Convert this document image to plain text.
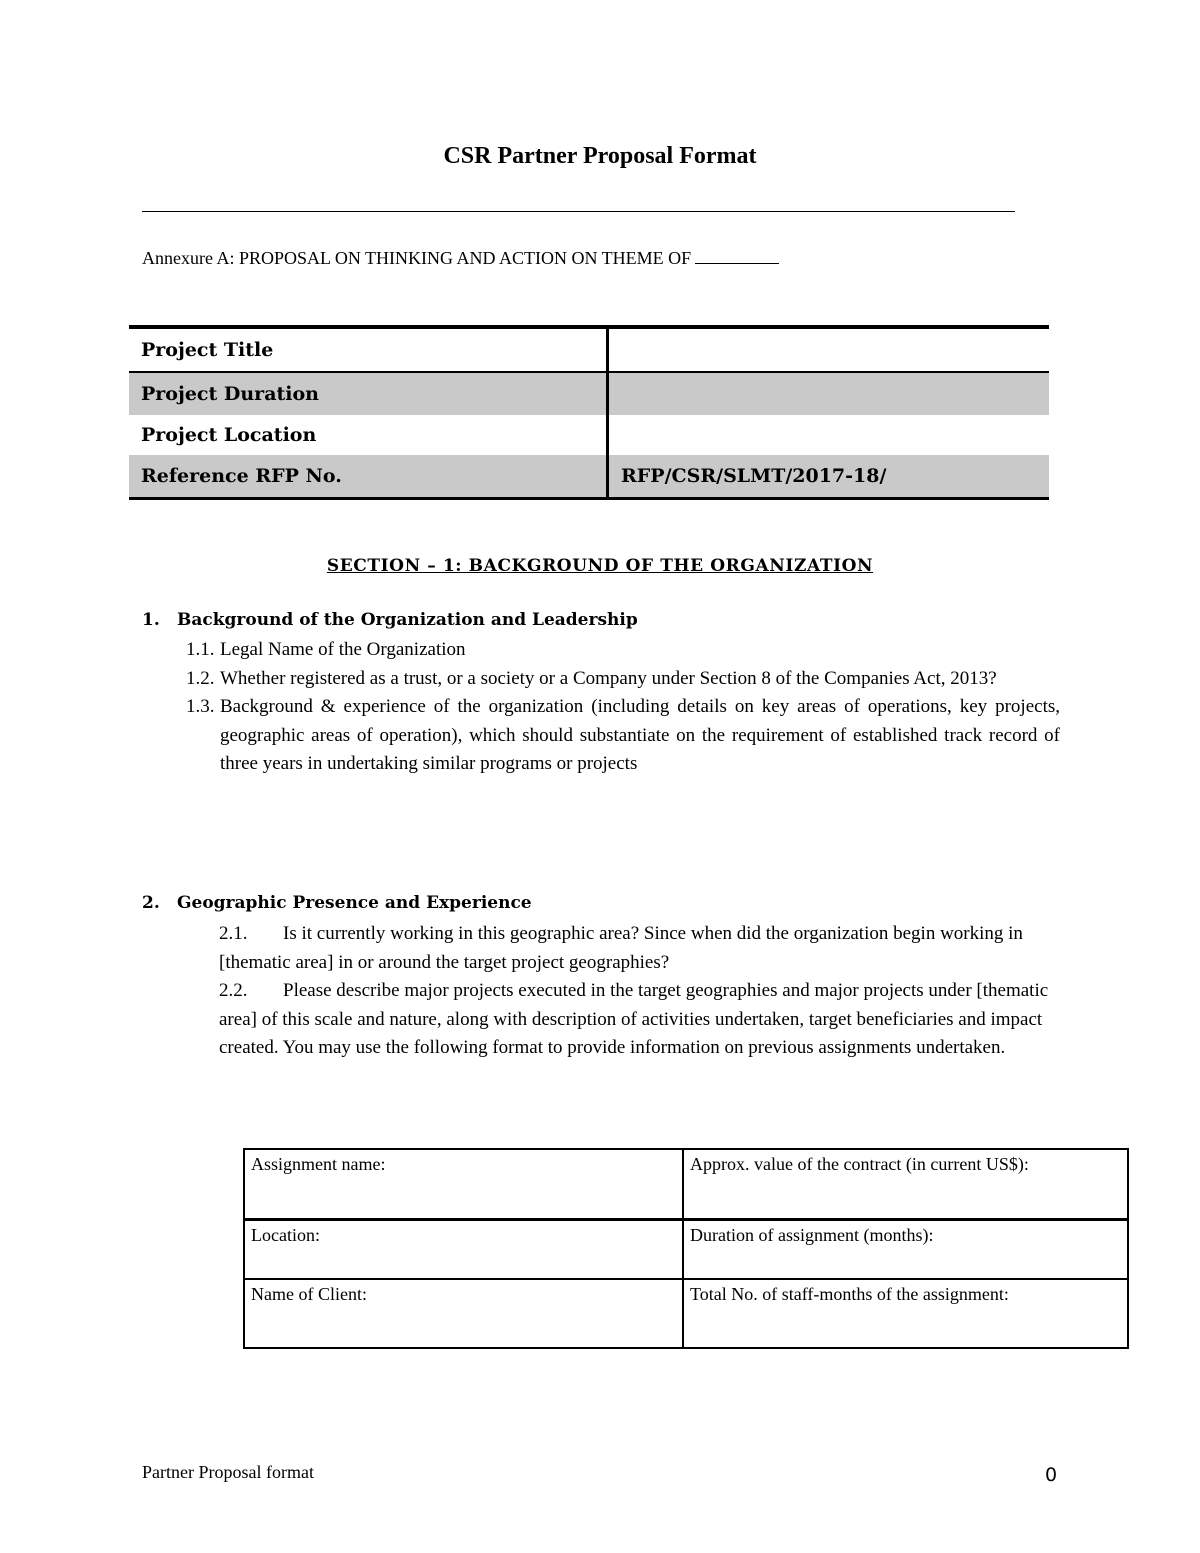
CSR Partner Proposal Format
Annexure A: PROPOSAL ON THINKING AND ACTION ON THEME OF
Project Title	
Project Duration	
Project Location	
Reference RFP No.	RFP/CSR/SLMT/2017-18/
SECTION – 1: BACKGROUND OF THE ORGANIZATION
1. Background of the Organization and Leadership
1.1. Legal Name of the Organization
1.2. Whether registered as a trust, or a society or a Company under Section 8 of the Companies Act, 2013?
1.3. Background & experience of the organization (including details on key areas of operations, key projects, geographic areas of operation), which should substantiate on the requirement of established track record of three years in undertaking similar programs or projects
2. Geographic Presence and Experience
2.1. Is it currently working in this geographic area? Since when did the organization begin working in [thematic area] in or around the target project geographies?
2.2. Please describe major projects executed in the target geographies and major projects under [thematic area] of this scale and nature, along with description of activities undertaken, target beneficiaries and impact created. You may use the following format to provide information on previous assignments undertaken.
Assignment name:	Approx. value of the contract (in current US$):
Location:	Duration of assignment (months):
Name of Client:	Total No. of staff-months of the assignment:
Partner Proposal format	0
